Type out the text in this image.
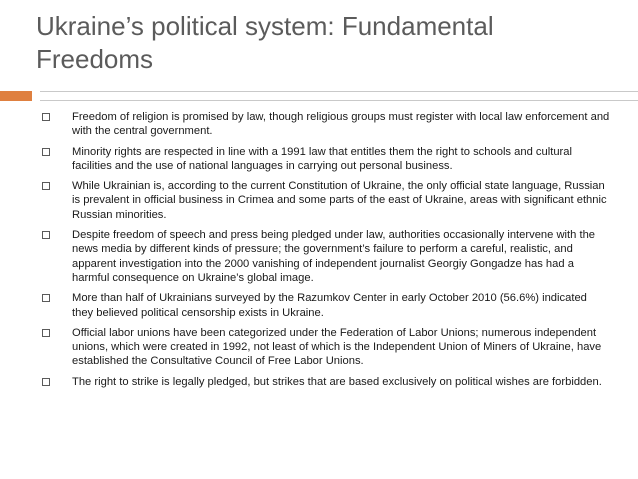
Ukraine’s political system: Fundamental Freedoms
Freedom of religion is promised by law, though religious groups must register with local law enforcement and with the central government.
Minority rights are respected in line with a 1991 law that entitles them the right to schools and cultural facilities and the use of national languages in carrying out personal business.
While Ukrainian is, according to the current Constitution of Ukraine, the only official state language, Russian is prevalent in official business in Crimea and some parts of the east of Ukraine, areas with significant ethnic Russian minorities.
Despite freedom of speech and press being pledged under law, authorities occasionally intervene with the news media by different kinds of pressure; the government’s failure to perform a careful, realistic, and apparent investigation into the 2000 vanishing of independent journalist Georgiy Gongadze has had a harmful consequence on Ukraine’s global image.
More than half of Ukrainians surveyed by the Razumkov Center in early October 2010 (56.6%) indicated they believed political censorship exists in Ukraine.
Official labor unions have been categorized under the Federation of Labor Unions; numerous independent unions, which were created in 1992, not least of which is the Independent Union of Miners of Ukraine, have established the Consultative Council of Free Labor Unions.
The right to strike is legally pledged, but strikes that are based exclusively on political wishes are forbidden.
